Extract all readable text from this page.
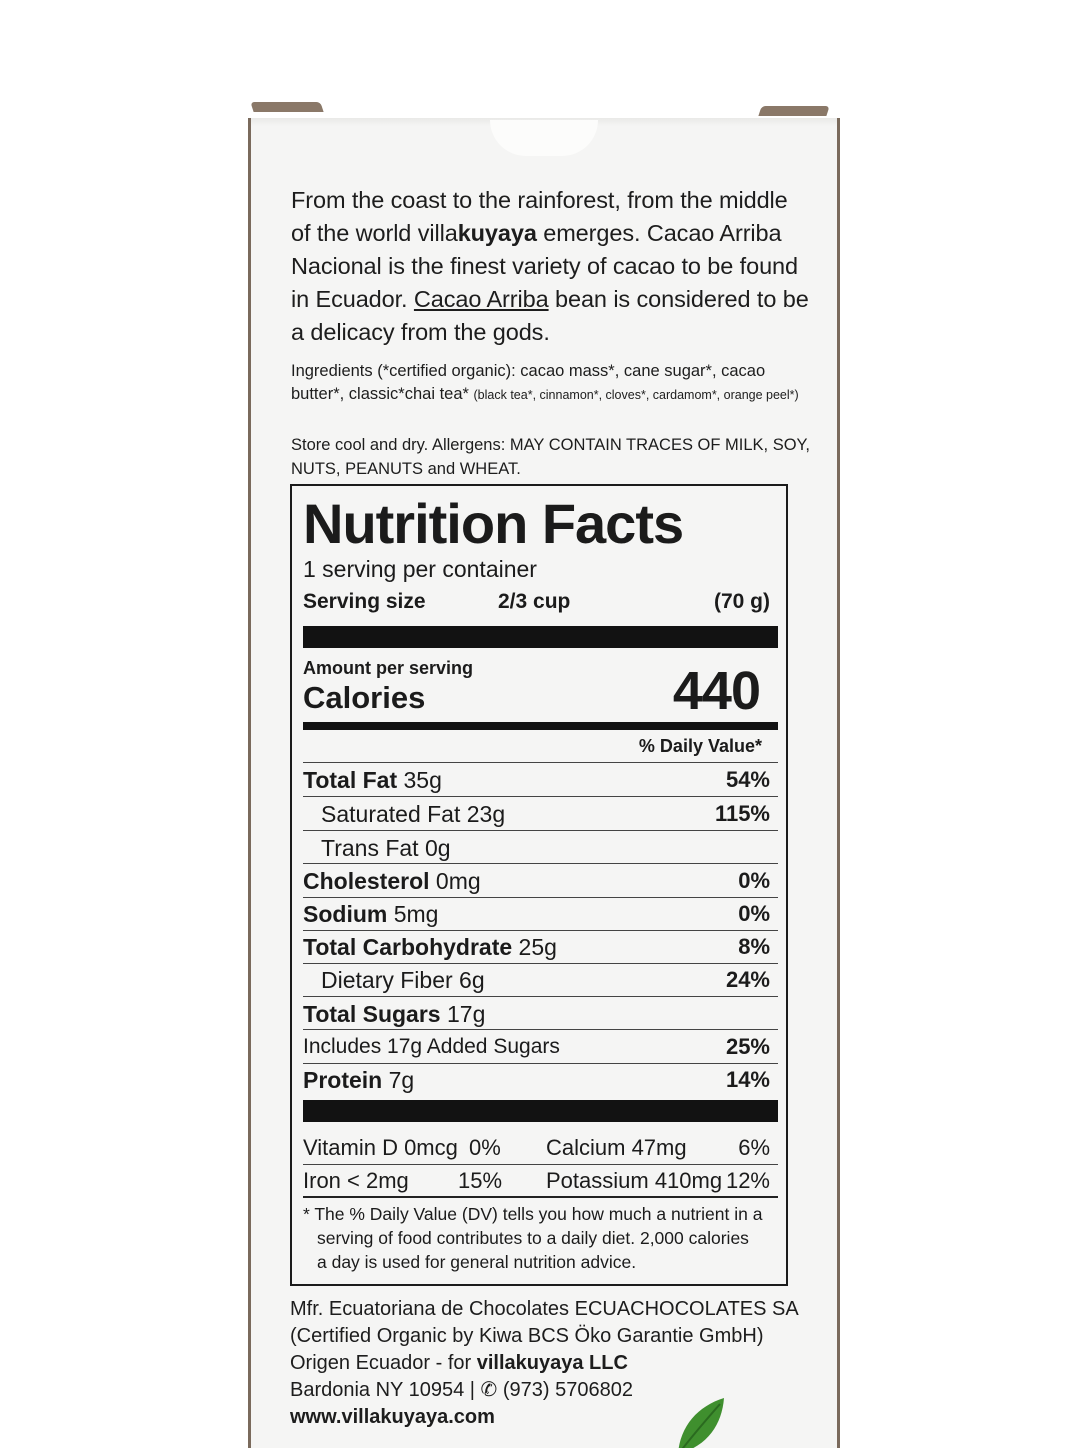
From the coast to the rainforest, from the middle of the world villakuyaya emerges. Cacao Arriba Nacional is the finest variety of cacao to be found in Ecuador. Cacao Arriba bean is considered to be a delicacy from the gods.

Ingredients (*certified organic): cacao mass*, cane sugar*, cacao butter*, classic*chai tea* (black tea*, cinnamon*, cloves*, cardamom*, orange peel*)

Store cool and dry. Allergens: MAY CONTAIN TRACES OF MILK, SOY, NUTS, PEANUTS and WHEAT.

Nutrition Facts
1 serving per container
Serving size	2/3 cup	(70 g)
Amount per serving
Calories	440
% Daily Value*
Total Fat 35g	54%
Saturated Fat 23g	115%
Trans Fat 0g
Cholesterol 0mg	0%
Sodium 5mg	0%
Total Carbohydrate 25g	8%
Dietary Fiber 6g	24%
Total Sugars 17g
Includes 17g Added Sugars	25%
Protein 7g	14%
Vitamin D 0mcg 0% Calcium 47mg 6%
Iron < 2mg 15% Potassium 410mg 12%
* The % Daily Value (DV) tells you how much a nutrient in a
serving of food contributes to a daily diet. 2,000 calories
a day is used for general nutrition advice.
Mfr. Ecuatoriana de Chocolates ECUACHOCOLATES SA
(Certified Organic by Kiwa BCS Öko Garantie GmbH)
Origen Ecuador - for villakuyaya LLC
Bardonia NY 10954 | ✆ (973) 5706802
www.villakuyaya.com
